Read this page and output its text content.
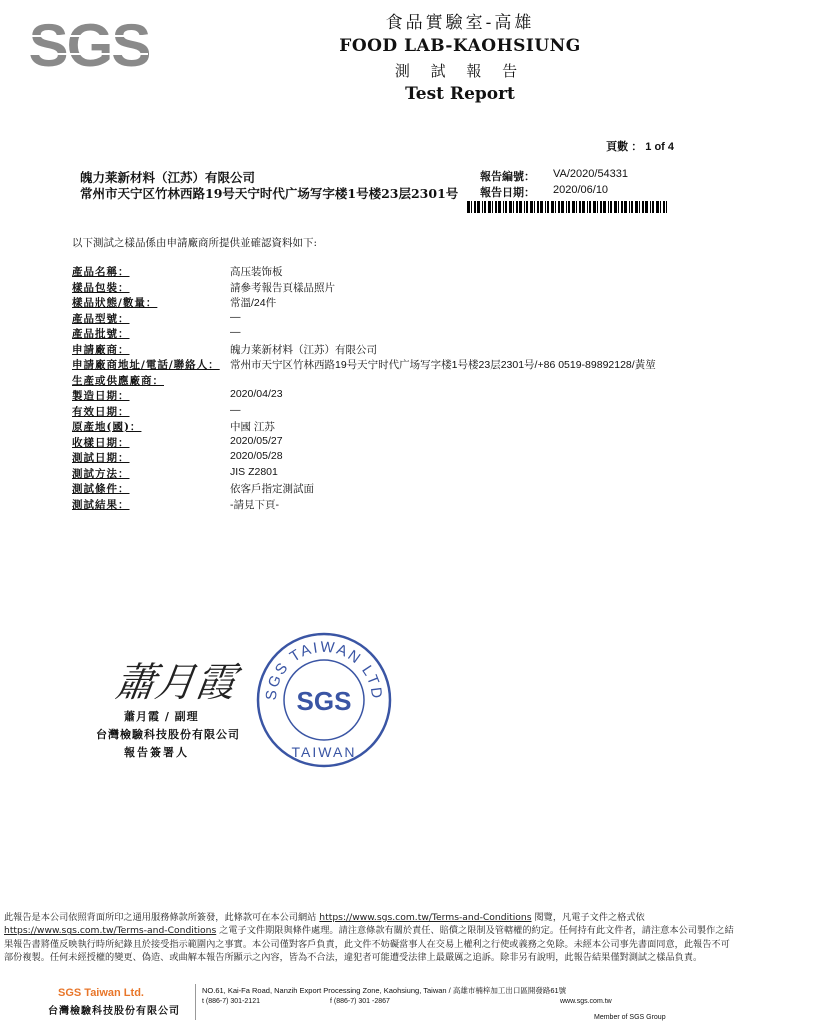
SGS	食品實驗室-高雄
FOOD LAB-KAOHSIUNG
測 試 報 告
Test Report
頁數 ： 1 of 4
魄力莱新材料（江苏）有限公司
常州市天宁区竹林西路19号天宁时代广场写字楼1号楼23层2301号
報告編號： VA/2020/54331
報告日期： 2020/06/10
以下測試之樣品係由申請廠商所提供並確認資料如下:
產品名稱：	高压装饰板
樣品包裝：	請參考報告頁樣品照片
樣品狀態/數量：	常溫/24件
產品型號：	—
產品批號：	—
申請廠商：	魄力莱新材料（江苏）有限公司
申請廠商地址/電話/聯絡人： 常州市天宁区竹林西路19号天宁时代广场写字楼1号楼23层2301号/+86 0519-89892128/黃堃
生產或供應廠商：
製造日期：	2020/04/23
有效日期：	—
原產地(國)：	中國 江苏
收樣日期：	2020/05/27
測試日期：	2020/05/28
測試方法：	JIS Z2801
測試條件：	依客戶指定測試面
測試結果：	-請見下頁-
蕭月霞
蕭月霞 / 副理
台灣檢驗科技股份有限公司
報告簽署人
SGS TAIWAN LTD
SGS
TAIWAN
此報告是本公司依照背面所印之通用服務條款所簽發，此條款可在本公司網站 https://www.sgs.com.tw/Terms-and-Conditions 閱覽，凡電子文件之格式依 https://www.sgs.com.tw/Terms-and-Conditions 之電子文件期限與條件處理。請注意條款有關於責任、賠償之限制及管轄權的約定。任何持有此文件者，請注意本公司製作之結果報告書將僅反映執行時所紀錄且於接受指示範圍內之事實。本公司僅對客戶負責，此文件不妨礙當事人在交易上權利之行使或義務之免除。未經本公司事先書面同意，此報告不可部份複製。任何未經授權的變更、偽造、或曲解本報告所顯示之內容，皆為不合法，違犯者可能遭受法律上最嚴厲之追訴。除非另有說明，此報告結果僅對測試之樣品負責。
SGS Taiwan Ltd.
台灣檢驗科技股份有限公司
NO.61, Kai-Fa Road, Nanzih Export Processing Zone, Kaohsiung, Taiwan / 高雄市楠梓加工出口區開發路61號
t (886-7) 301-2121	f (886-7) 301 -2867	www.sgs.com.tw
Member of SGS Group
